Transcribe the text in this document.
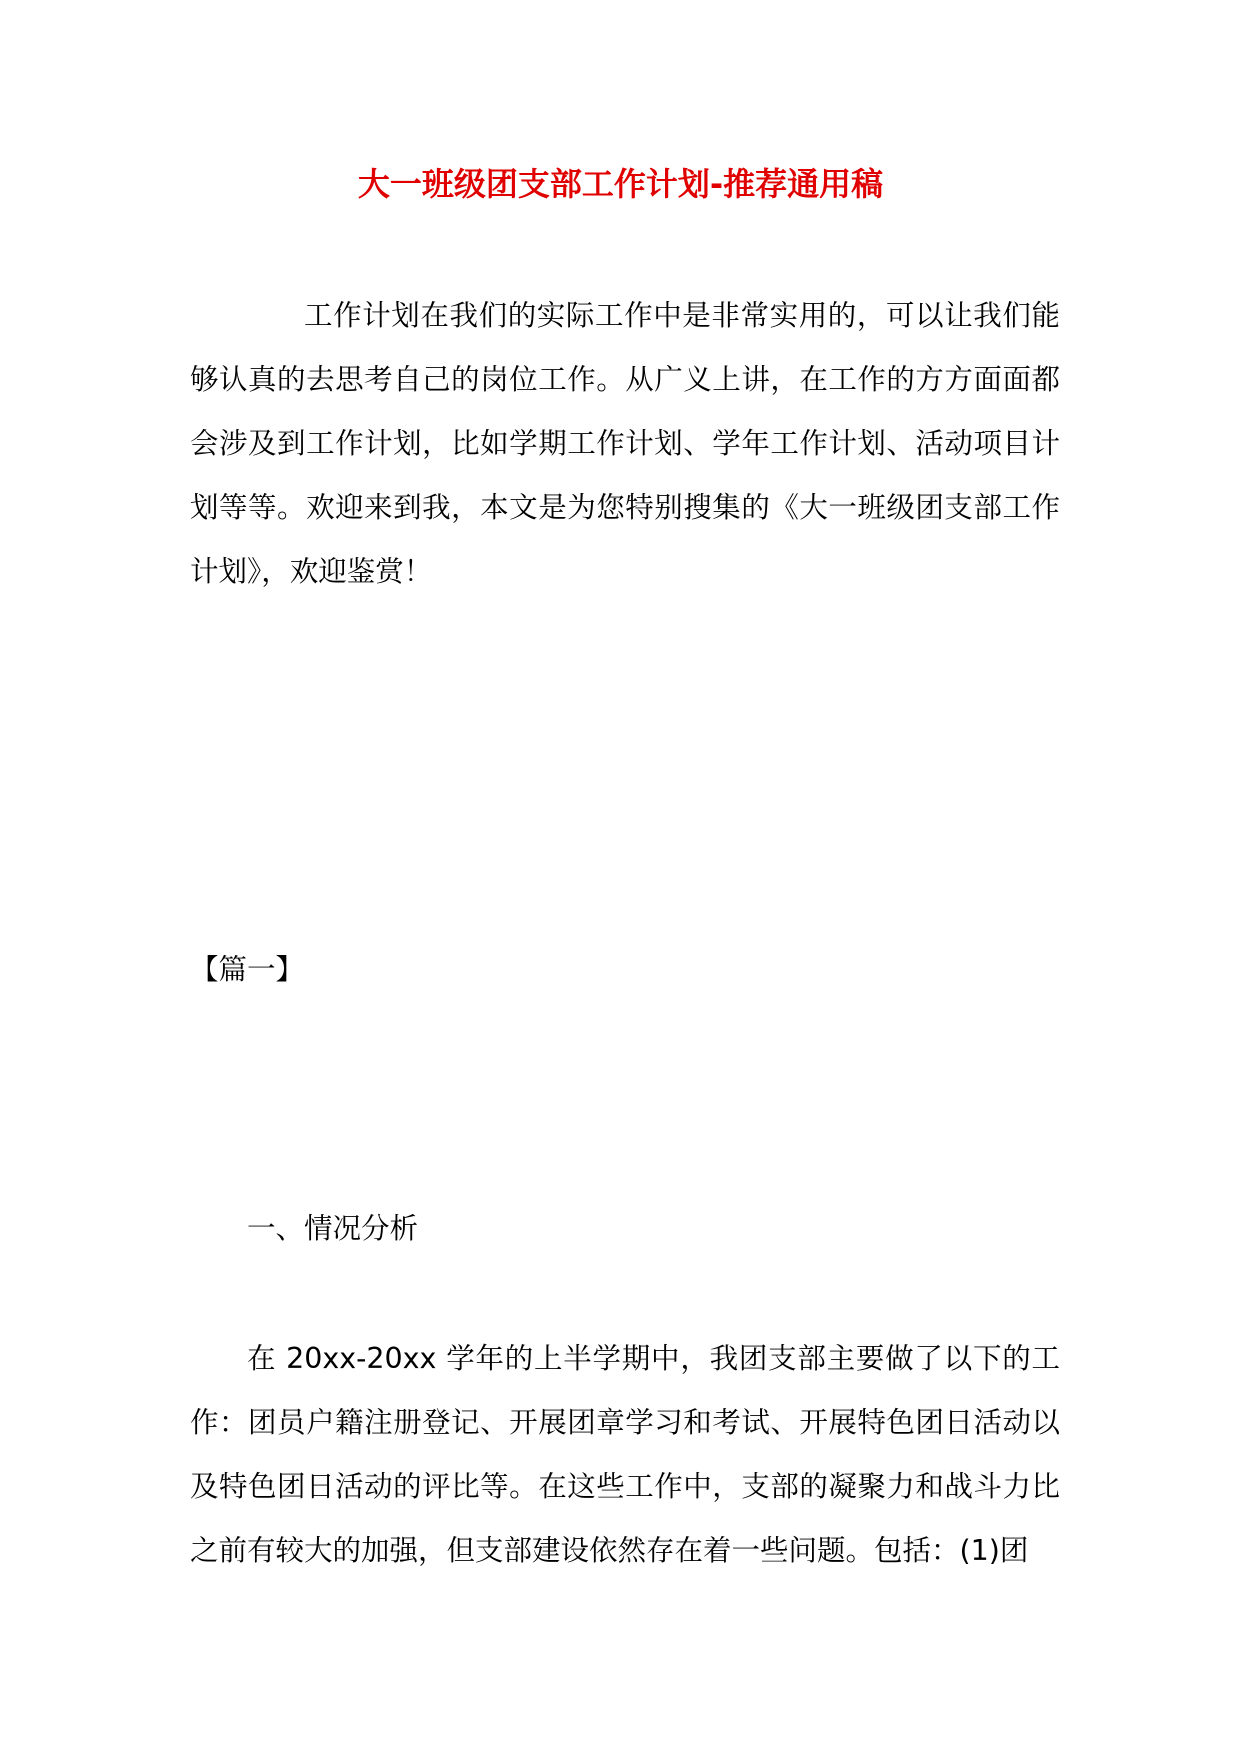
大一班级团支部工作计划-推荐通用稿
工作计划在我们的实际工作中是非常实用的，可以让我们能够认真的去思考自己的岗位工作。从广义上讲，在工作的方方面面都会涉及到工作计划，比如学期工作计划、学年工作计划、活动项目计划等等。欢迎来到我，本文是为您特别搜集的《大一班级团支部工作计划》，欢迎鉴赏！
【篇一】
一、情况分析
在 20xx-20xx 学年的上半学期中，我团支部主要做了以下的工作：团员户籍注册登记、开展团章学习和考试、开展特色团日活动以及特色团日活动的评比等。在这些工作中，支部的凝聚力和战斗力比之前有较大的加强，但支部建设依然存在着一些问题。包括：(1)团
